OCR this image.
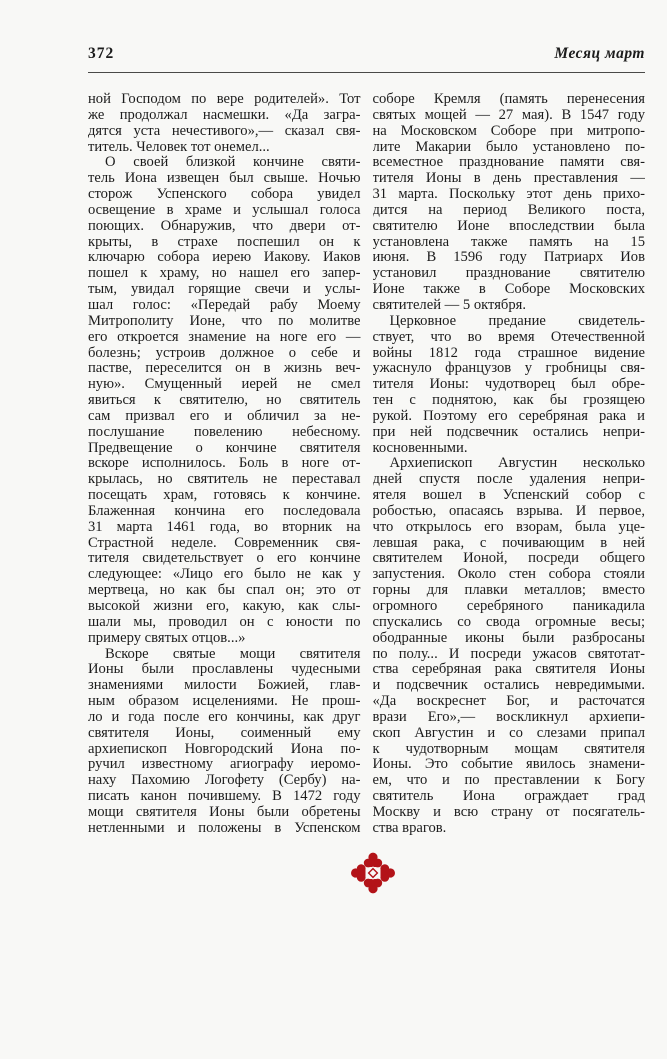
372	Месяц март
ной Господом по вере родителей». Тот
же продолжал насмешки. «Да загра-
дятся уста нечестивого»,— сказал свя-
титель. Человек тот онемел...
О своей близкой кончине святи-
тель Иона извещен был свыше. Ночью
сторож Успенского собора увидел
освещение в храме и услышал голоса
поющих. Обнаружив, что двери от-
крыты, в страхе поспешил он к
ключарю собора иерею Иакову. Иаков
пошел к храму, но нашел его запер-
тым, увидал горящие свечи и услы-
шал голос: «Передай рабу Моему
Митрополиту Ионе, что по молитве
его откроется знамение на ноге его —
болезнь; устроив должное о себе и
пастве, переселится он в жизнь веч-
ную». Смущенный иерей не смел
явиться к святителю, но святитель
сам призвал его и обличил за не-
послушание повелению небесному.
Предвещение о кончине святителя
вскоре исполнилось. Боль в ноге от-
крылась, но святитель не переставал
посещать храм, готовясь к кончине.
Блаженная кончина его последовала
31 марта 1461 года, во вторник на
Страстной неделе. Современник свя-
тителя свидетельствует о его кончине
следующее: «Лицо его было не как у
мертвеца, но как бы спал он; это от
высокой жизни его, какую, как слы-
шали мы, проводил он с юности по
примеру святых отцов...»
Вскоре святые мощи святителя
Ионы были прославлены чудесными
знамениями милости Божией, глав-
ным образом исцелениями. Не прош-
ло и года после его кончины, как друг
святителя Ионы, соименный ему
архиепископ Новгородский Иона по-
ручил известному агиографу иеромо-
наху Пахомию Логофету (Сербу) на-
писать канон почившему. В 1472 году
мощи святителя Ионы были обретены
нетленными и положены в Успенском
соборе Кремля (память перенесения
святых мощей — 27 мая). В 1547 году
на Московском Соборе при митропо-
лите Макарии было установлено по-
всеместное празднование памяти свя-
тителя Ионы в день преставления —
31 марта. Поскольку этот день прихо-
дится на период Великого поста,
святителю Ионе впоследствии была
установлена также память на 15
июня. В 1596 году Патриарх Иов
установил празднование святителю
Ионе также в Соборе Московских
святителей — 5 октября.
Церковное предание свидетель-
ствует, что во время Отечественной
войны 1812 года страшное видение
ужаснуло французов у гробницы свя-
тителя Ионы: чудотворец был обре-
тен с поднятою, как бы грозящею
рукой. Поэтому его серебряная рака и
при ней подсвечник остались непри-
косновенными.
Архиепископ Августин несколько
дней спустя после удаления непри-
ятеля вошел в Успенский собор с
робостью, опасаясь взрыва. И первое,
что открылось его взорам, была уце-
левшая рака, с почивающим в ней
святителем Ионой, посреди общего
запустения. Около стен собора стояли
горны для плавки металлов; вместо
огромного серебряного паникадила
спускались со свода огромные весы;
ободранные иконы были разбросаны
по полу... И посреди ужасов святотат-
ства серебряная рака святителя Ионы
и подсвечник остались невредимыми.
«Да воскреснет Бог, и расточатся
врази Его»,— воскликнул архиепи-
скоп Августин и со слезами припал
к чудотворным мощам святителя
Ионы. Это событие явилось знамени-
ем, что и по преставлении к Богу
святитель Иона ограждает град
Москву и всю страну от посягатель-
ства врагов.
